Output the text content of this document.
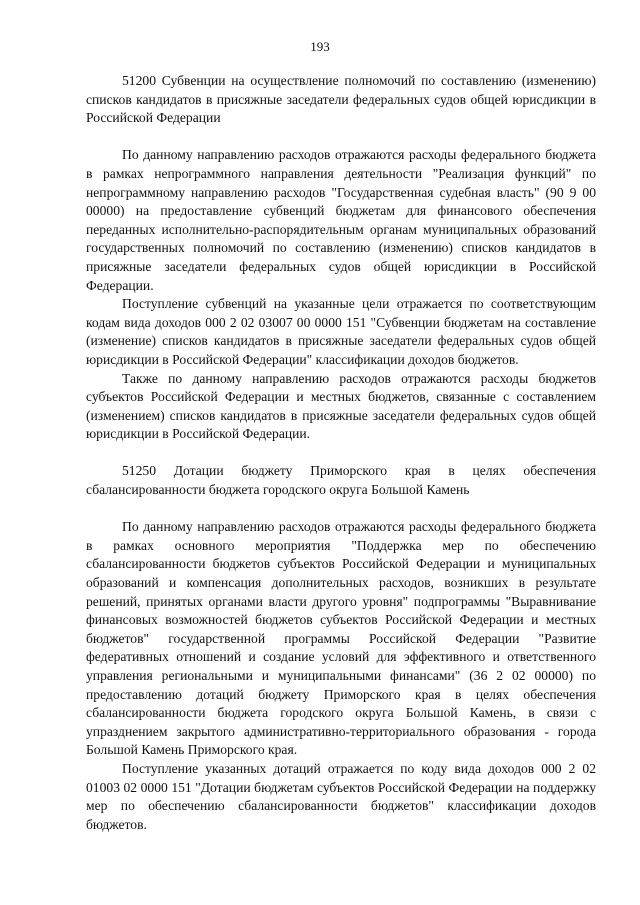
193

51200 Субвенции на осуществление полномочий по составлению (изменению) списков кандидатов в присяжные заседатели федеральных судов общей юрисдикции в Российской Федерации

По данному направлению расходов отражаются расходы федерального бюджета в рамках непрограммного направления деятельности "Реализация функций" по непрограммному направлению расходов "Государственная судебная власть" (90 9 00 00000) на предоставление субвенций бюджетам для финансового обеспечения переданных исполнительно-распорядительным органам муниципальных образований государственных полномочий по составлению (изменению) списков кандидатов в присяжные заседатели федеральных судов общей юрисдикции в Российской Федерации.

Поступление субвенций на указанные цели отражается по соответствующим кодам вида доходов 000 2 02 03007 00 0000 151 "Субвенции бюджетам на составление (изменение) списков кандидатов в присяжные заседатели федеральных судов общей юрисдикции в Российской Федерации" классификации доходов бюджетов.

Также по данному направлению расходов отражаются расходы бюджетов субъектов Российской Федерации и местных бюджетов, связанные с составлением (изменением) списков кандидатов в присяжные заседатели федеральных судов общей юрисдикции в Российской Федерации.

51250 Дотации бюджету Приморского края в целях обеспечения сбалансированности бюджета городского округа Большой Камень

По данному направлению расходов отражаются расходы федерального бюджета в рамках основного мероприятия "Поддержка мер по обеспечению сбалансированности бюджетов субъектов Российской Федерации и муниципальных образований и компенсация дополнительных расходов, возникших в результате решений, принятых органами власти другого уровня" подпрограммы "Выравнивание финансовых возможностей бюджетов субъектов Российской Федерации и местных бюджетов" государственной программы Российской Федерации "Развитие федеративных отношений и создание условий для эффективного и ответственного управления региональными и муниципальными финансами" (36 2 02 00000) по предоставлению дотаций бюджету Приморского края в целях обеспечения сбалансированности бюджета городского округа Большой Камень, в связи с упразднением закрытого административно-территориального образования - города Большой Камень Приморского края.

Поступление указанных дотаций отражается по коду вида доходов 000 2 02 01003 02 0000 151 "Дотации бюджетам субъектов Российской Федерации на поддержку мер по обеспечению сбалансированности бюджетов" классификации доходов бюджетов.
